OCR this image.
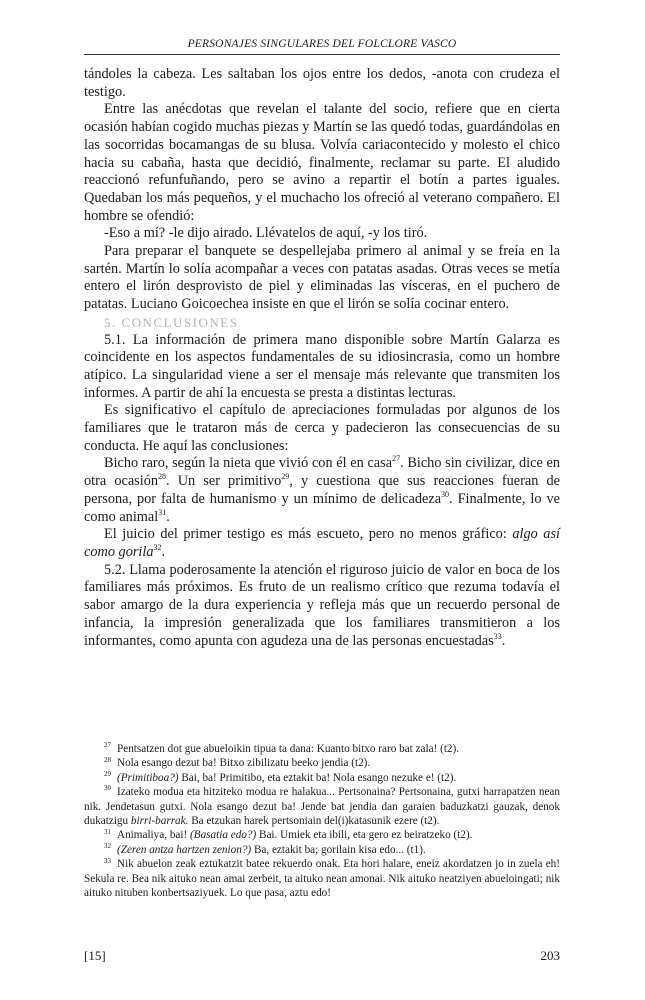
PERSONAJES SINGULARES DEL FOLCLORE VASCO

tándoles la cabeza. Les saltaban los ojos entre los dedos, -anota con crudeza el testigo.

Entre las anécdotas que revelan el talante del socio, refiere que en cierta ocasión habían cogido muchas piezas y Martín se las quedó todas, guardándolas en las socorridas bocamangas de su blusa. Volvía cariacontecido y molesto el chico hacia su cabaña, hasta que decidió, finalmente, reclamar su parte. El aludido reaccionó refunfuñando, pero se avino a repartir el botín a partes iguales. Quedaban los más pequeños, y el muchacho los ofreció al veterano compañero. El hombre se ofendió:

-Eso a mí? -le dijo airado. Llévatelos de aquí, -y los tiró.

Para preparar el banquete se despellejaba primero al animal y se freía en la sartén. Martín lo solía acompañar a veces con patatas asadas. Otras veces se metía entero el lirón desprovisto de piel y eliminadas las vísceras, en el puchero de patatas. Luciano Goicoechea insiste en que el lirón se solía cocinar entero.

5. CONCLUSIONES

5.1. La información de primera mano disponible sobre Martín Galarza es coincidente en los aspectos fundamentales de su idiosincrasia, como un hombre atípico. La singularidad viene a ser el mensaje más relevante que transmiten los informes. A partir de ahí la encuesta se presta a distintas lecturas.

Es significativo el capítulo de apreciaciones formuladas por algunos de los familiares que le trataron más de cerca y padecieron las consecuencias de su conducta. He aquí las conclusiones:

Bicho raro, según la nieta que vivió con él en casa$^{27}$. Bicho sin civilizar, dice en otra ocasión$^{28}$. Un ser primitivo$^{29}$, y cuestiona que sus reacciones fueran de persona, por falta de humanismo y un mínimo de delicadeza$^{30}$. Finalmente, lo ve como animal$^{31}$.

El juicio del primer testigo es más escueto, pero no menos gráfico: algo así como gorila$^{32}$.

5.2. Llama poderosamente la atención el riguroso juicio de valor en boca de los familiares más próximos. Es fruto de un realismo crítico que rezuma todavía el sabor amargo de la dura experiencia y refleja más que un recuerdo personal de infancia, la impresión generalizada que los familiares transmitieron a los informantes, como apunta con agudeza una de las personas encuestadas$^{33}$.

$^{27}$ Pentsatzen dot gue abueloikin tipua ta dana: Kuanto bitxo raro bat zala! (t2).

$^{28}$ Nola esango dezut ba! Bitxo zibilizatu beeko jendia (t2).

$^{29}$ (Primitiboa?) Bai, ba! Primitibo, eta eztakit ba! Nola esango nezuke e! (t2).

$^{30}$ Izateko modua eta hitziteko modua re halakua... Pertsonaina? Pertsonaina, gutxi harrapatzen nean nik. Jendetasun gutxi. Nola esango dezut ba! Jende bat jendia dan garaien baduzkatzi gauzak, denok dukatzigu birri-barrak. Ba etzukan harek pertsoniain del(i)katasunik ezere (t2).

$^{31}$ Animaliya, bai! (Basatia edo?) Bai. Umiek eta ibili, eta gero ez beiratzeko (t2).

$^{32}$ (Zeren antza hartzen zenion?) Ba, eztakit ba; gorilain kisa edo... (t1).

$^{33}$ Nik abuelon zeak eztukatzit batee rekuerdo onak. Eta hori halare, eneiz akordatzen jo in zuela eh! Sekula re. Bea nik aituko nean amai zerbeit, ta aituko nean amonai. Nik aituko neatziyen abueloingati; nik aituko nituben konbertsaziyuek. Lo que pasa, aztu edo!

[15]	203
